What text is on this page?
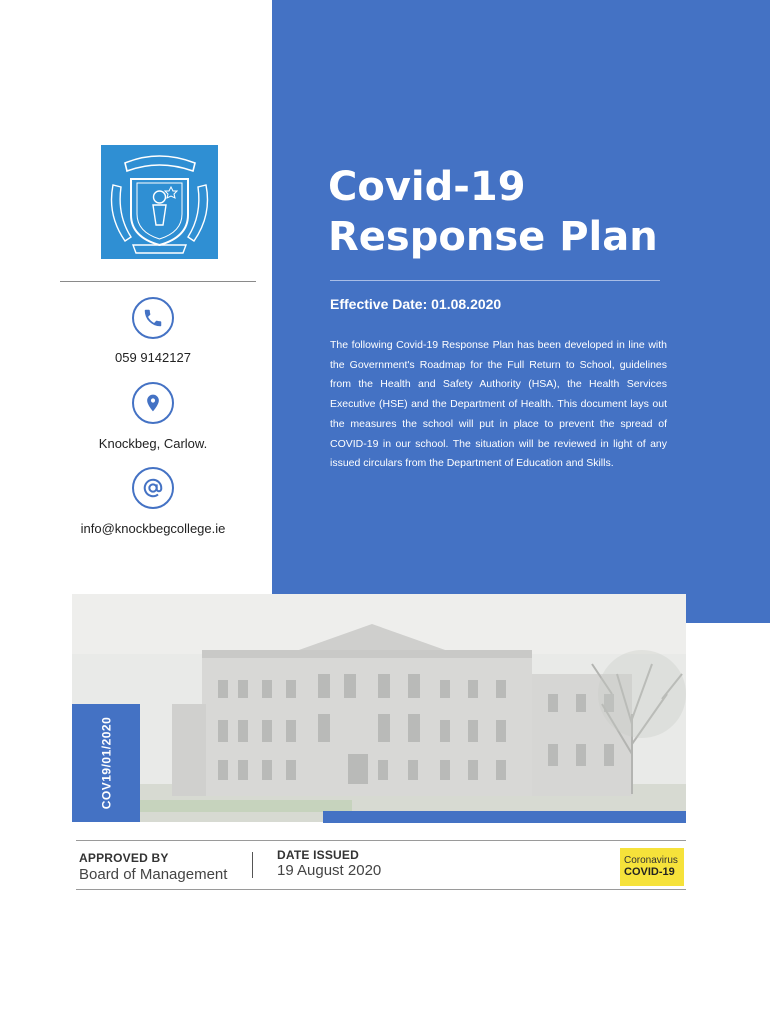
059 9142127
Knockbeg, Carlow.
info@knockbegcollege.ie
Covid-19
Response Plan
Effective Date: 01.08.2020
The following Covid-19 Response Plan has been developed in line with the Government's Roadmap for the Full Return to School, guidelines from the Health and Safety Authority (HSA), the Health Services Executive (HSE) and the Department of Health. This document lays out the measures the school will put in place to prevent the spread of COVID-19 in our school. The situation will be reviewed in light of any issued circulars from the Department of Education and Skills.
COV19/01/2020
APPROVED BY
Board of Management
DATE ISSUED
19 August 2020
Coronavirus
COVID-19
